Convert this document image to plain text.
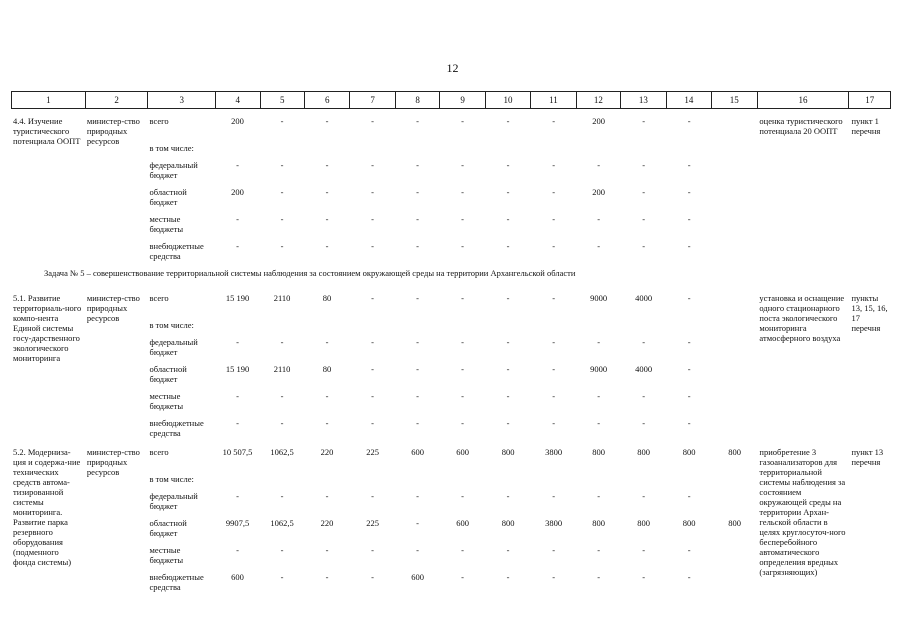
12
1	2	3	4	5	6	7	8	9	10	11	12	13	14	15	16	17
4.4. Изучение туристического потенциала ООПТ	министер-ство природных ресурсов	всего	200	-	-	-	-	-	-	-	200	-	-		оценка туристического потенциала 20 ООПТ	пункт 1 перечня
		в том числе:														
		федеральный бюджет	-	-	-	-	-	-	-	-	-	-	-	
		областной бюджет	200	-	-	-	-	-	-	-	200	-	-	
		местные бюджеты	-	-	-	-	-	-	-	-	-	-	-	
		внебюджетные средства	-	-	-	-	-	-	-	-	-	-	-	
Задача № 5 – совершенствование территориальной системы наблюдения за состоянием окружающей среды на территории Архангельской области
5.1. Развитие территориаль-ного компо-нента Единой системы госу-дарственного экологического мониторинга	министер-ство природных ресурсов	всего	15 190	2110	80	-	-	-	-	-	9000	4000	-		установка и оснащение одного стационарного поста экологического мониторинга атмосферного воздуха	пункты 13, 15, 16, 17 перечня
		в том числе:														
		федеральный бюджет	-	-	-	-	-	-	-	-	-	-	-	
		областной бюджет	15 190	2110	80	-	-	-	-	-	9000	4000	-	
		местные бюджеты	-	-	-	-	-	-	-	-	-	-	-	
		внебюджетные средства	-	-	-	-	-	-	-	-	-	-	-	
5.2. Модерниза-ция и содержа-ние технических средств автома-тизированной системы мониторинга. Развитие парка резервного оборудования (подменного фонда системы)	министер-ство природных ресурсов	всего	10 507,5	1062,5	220	225	600	600	800	3800	800	800	800	800	приобретение 3 газоанализаторов для территориальной системы наблюдения за состоянием окружающей среды на территории Архан-гельской области в целях круглосуточ-ного бесперебойного автоматического определения вредных (загрязняющих)	пункт 13 перечня
		в том числе:														
		федеральный бюджет	-	-	-	-	-	-	-	-	-	-	-	
		областной бюджет	9907,5	1062,5	220	225	-	600	800	3800	800	800	800	800		
		местные бюджеты	-	-	-	-	-	-	-	-	-	-	-	
		внебюджетные средства	600	-	-	-	600	-	-	-	-	-	-	
